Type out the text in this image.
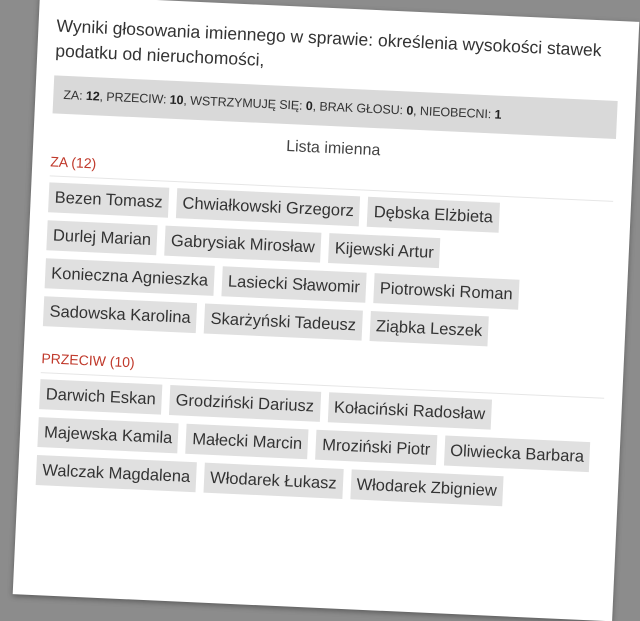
Wyniki głosowania imiennego w sprawie: określenia wysokości stawek podatku od nieruchomości,
ZA: 12, PRZECIW: 10, WSTRZYMUJĘ SIĘ: 0, BRAK GŁOSU: 0, NIEOBECNI: 1
Lista imienna
ZA (12)
Bezen Tomasz	Chwiałkowski Grzegorz	Dębska Elżbieta
Durlej Marian	Gabrysiak Mirosław	Kijewski Artur
Konieczna Agnieszka	Lasiecki Sławomir	Piotrowski Roman
Sadowska Karolina	Skarżyński Tadeusz	Ziąbka Leszek
PRZECIW (10)
Darwich Eskan	Grodziński Dariusz	Kołaciński Radosław
Majewska Kamila	Małecki Marcin	Mroziński Piotr	Oliwiecka Barbara
Walczak Magdalena	Włodarek Łukasz	Włodarek Zbigniew
